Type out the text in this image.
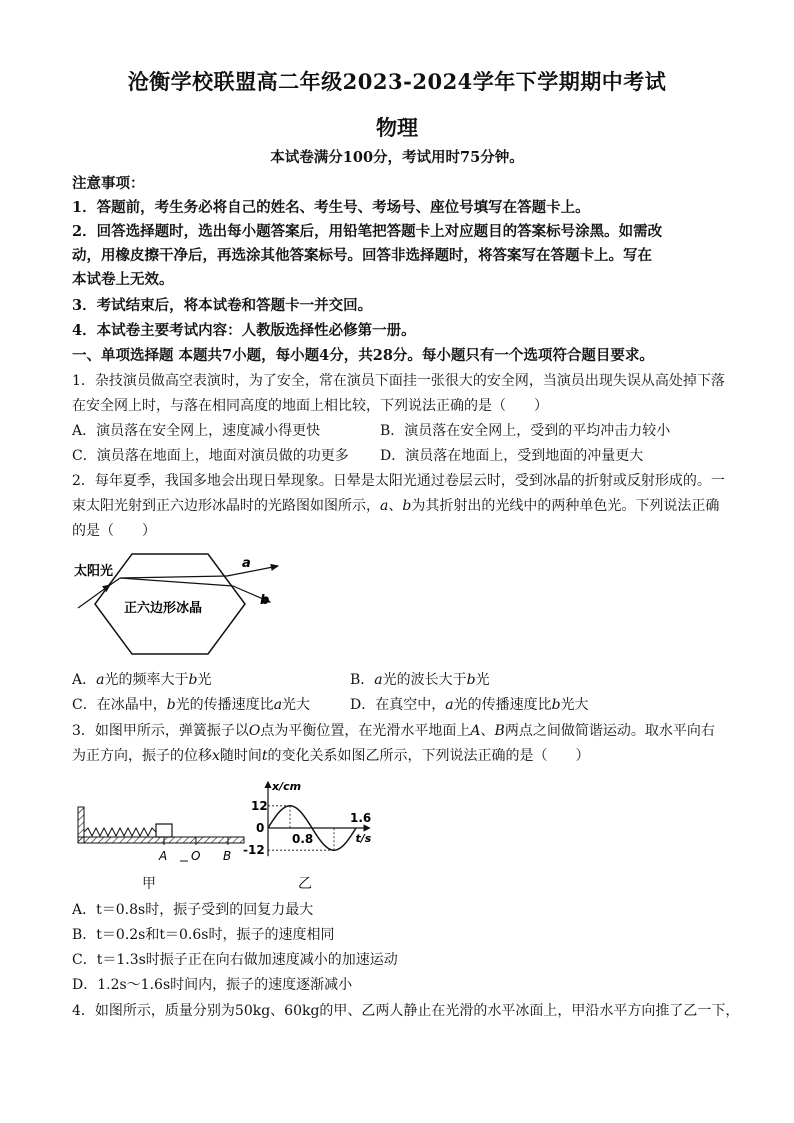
沧衡学校联盟高二年级2023-2024学年下学期期中考试
物理
本试卷满分100分，考试用时75分钟。
注意事项：
1．答题前，考生务必将自己的姓名、考生号、考场号、座位号填写在答题卡上。
2．回答选择题时，选出每小题答案后，用铅笔把答题卡上对应题目的答案标号涂黑。如需改
动，用橡皮擦干净后，再选涂其他答案标号。回答非选择题时，将答案写在答题卡上。写在
本试卷上无效。
3．考试结束后，将本试卷和答题卡一并交回。
4．本试卷主要考试内容：人教版选择性必修第一册。
一、单项选择题 本题共7小题，每小题4分，共28分。每小题只有一个选项符合题目要求。
1．杂技演员做高空表演时，为了安全，常在演员下面挂一张很大的安全网，当演员出现失误从高处掉下落
在安全网上时，与落在相同高度的地面上相比较，下列说法正确的是（　　）
A．演员落在安全网上，速度减小得更快	B．演员落在安全网上，受到的平均冲击力较小
C．演员落在地面上，地面对演员做的功更多 D．演员落在地面上，受到地面的冲量更大
2．每年夏季，我国多地会出现日晕现象。日晕是太阳光通过卷层云时，受到冰晶的折射或反射形成的。一
束太阳光射到正六边形冰晶时的光路图如图所示，a、b为其折射出的光线中的两种单色光。下列说法正确
的是（　　）
太阳光
正六边形冰晶
a
b
A．a光的频率大于b光	B．a光的波长大于b光
C．在冰晶中，b光的传播速度比a光大	D．在真空中，a光的传播速度比b光大
3．如图甲所示，弹簧振子以O点为平衡位置，在光滑水平地面上A、B两点之间做简谐运动。取水平向右
为正方向，振子的位移x随时间t的变化关系如图乙所示，下列说法正确的是（　　）
A O B
甲
x/cm
t/s
12
0
-12
0.8
1.6
乙
A．t＝0.8s时，振子受到的回复力最大
B．t＝0.2s和t＝0.6s时，振子的速度相同
C．t＝1.3s时振子正在向右做加速度减小的加速运动
D．1.2s～1.6s时间内，振子的速度逐渐减小
4．如图所示，质量分别为50kg、60kg的甲、乙两人静止在光滑的水平冰面上，甲沿水平方向推了乙一下，
